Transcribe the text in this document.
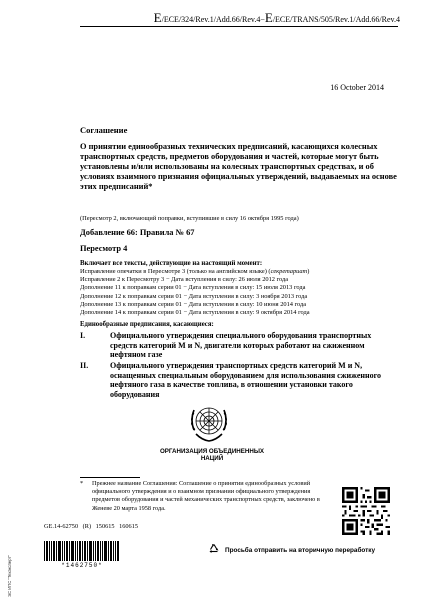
E/ECE/324/Rev.1/Add.66/Rev.4−E/ECE/TRANS/505/Rev.1/Add.66/Rev.4
16 October 2014
Соглашение
О принятии единообразных технических предписаний, касающихся колесных транспортных средств, предметов оборудования и частей, которые могут быть установлены и/или использованы на колесных транспортных средствах, и об условиях взаимного признания официальных утверждений, выдаваемых на основе этих предписаний*
(Пересмотр 2, включающий поправки, вступившие в силу 16 октября 1995 года)
Добавление 66: Правила № 67
Пересмотр 4
Включает все тексты, действующие на настоящий момент:
Исправление опечатки в Пересмотре 3 (только на английском языке) (секретариат)
Исправление 2 к Пересмотру 3 − Дата вступления в силу: 26 июля 2012 года
Дополнение 11 к поправкам серии 01 − Дата вступления в силу: 15 июля 2013 года
Дополнение 12 к поправкам серии 01 − Дата вступления в силу: 3 ноября 2013 года
Дополнение 13 к поправкам серии 01 − Дата вступления в силу: 10 июня 2014 года
Дополнение 14 к поправкам серии 01 − Дата вступления в силу: 9 октября 2014 года
Единообразные предписания, касающиеся:
I.	Официального утверждения специального оборудования транспортных средств категорий M и N, двигатели которых работают на сжиженном нефтяном газе
II.	Официального утверждения транспортных средств категорий M и N, оснащенных специальным оборудованием для использования сжиженного нефтяного газа в качестве топлива, в отношении установки такого оборудования
ОРГАНИЗАЦИЯ ОБЪЕДИНЕННЫХ НАЦИЙ
* Прежнее название Соглашения: Соглашение о принятии единообразных условий официального утверждения и о взаимном признании официального утверждения предметов оборудования и частей механических транспортных средств, заключено в Женеве 20 марта 1958 года.
GE.14-62750 (R) 150615 160615
*1462750*
Просьба отправить на вторичную переработку
ЭС ИПС "Техэксперт"
